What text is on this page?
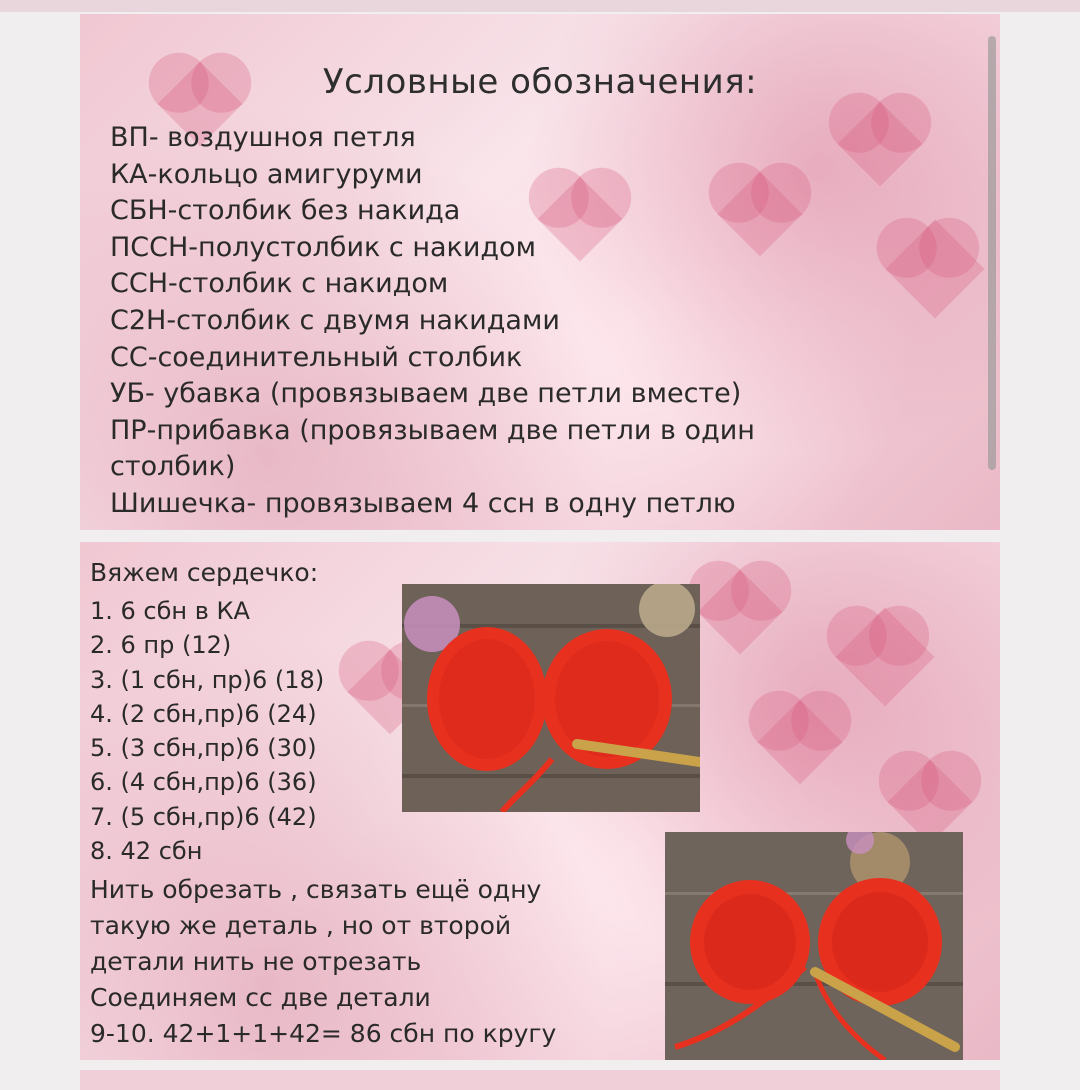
Условные обозначения:
ВП- воздушноя петля
КА-кольцо амигуруми
СБН-столбик без накида
ПССН-полустолбик с накидом
ССН-столбик с накидом
С2Н-столбик с двумя накидами
СС-соединительный столбик
УБ- убавка (провязываем две петли вместе)
ПР-прибавка (провязываем две петли в один столбик)
Шишечка- провязываем 4 ссн в одну петлю
Вяжем сердечко:
1. 6 сбн в КА
2. 6 пр (12)
3. (1 сбн, пр)6 (18)
4. (2 сбн,пр)6 (24)
5. (3 сбн,пр)6 (30)
6. (4 сбн,пр)6 (36)
7. (5 сбн,пр)6 (42)
8. 42 сбн
Нить обрезать , связать ещё одну
такую же деталь , но от второй
детали нить не отрезать
Соединяем сс две детали
9-10. 42+1+1+42= 86 сбн по кругу
